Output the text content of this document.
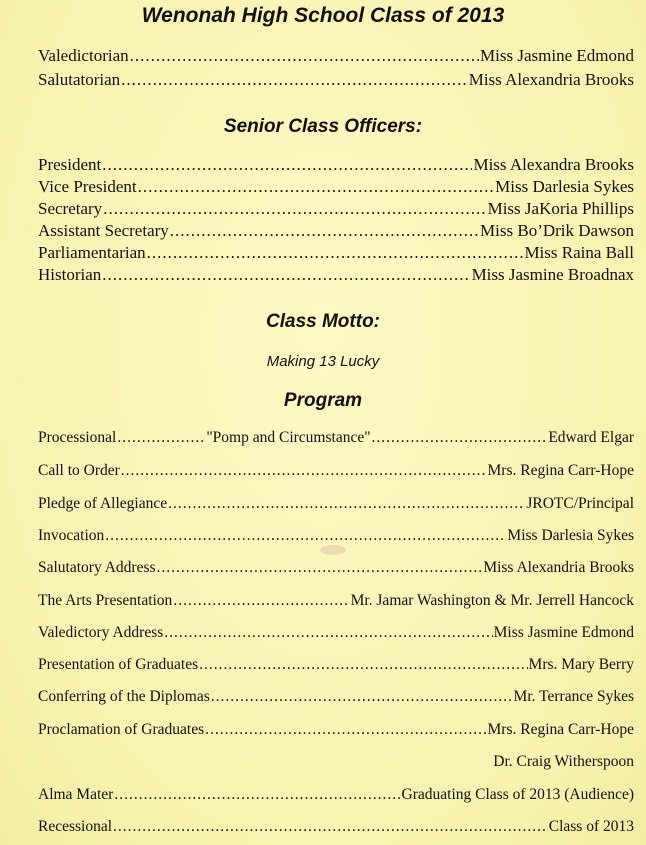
Wenonah High School Class of 2013
Valedictorian .....	Miss Jasmine Edmond
Salutatorian .....	Miss Alexandria Brooks
Senior Class Officers:
President .....	Miss Alexandra Brooks
Vice President .....	Miss Darlesia Sykes
Secretary .....	Miss JaKoria Phillips
Assistant Secretary .....	Miss Bo’Drik Dawson
Parliamentarian .....	Miss Raina Ball
Historian .....	Miss Jasmine Broadnax
Class Motto:
Making 13 Lucky
Program
Processional .....	"Pomp and Circumstance" .....	Edward Elgar
Call to Order .....	Mrs. Regina Carr-Hope
Pledge of Allegiance .....	JROTC/Principal
Invocation .....	Miss Darlesia Sykes
Salutatory Address .....	Miss Alexandria Brooks
The Arts Presentation .....	Mr. Jamar Washington & Mr. Jerrell Hancock
Valedictory Address .....	Miss Jasmine Edmond
Presentation of Graduates .....	Mrs. Mary Berry
Conferring of the Diplomas .....	Mr. Terrance Sykes
Proclamation of Graduates .....	Mrs. Regina Carr-Hope
Dr. Craig Witherspoon
Alma Mater .....	Graduating Class of 2013 (Audience)
Recessional .....	Class of 2013
